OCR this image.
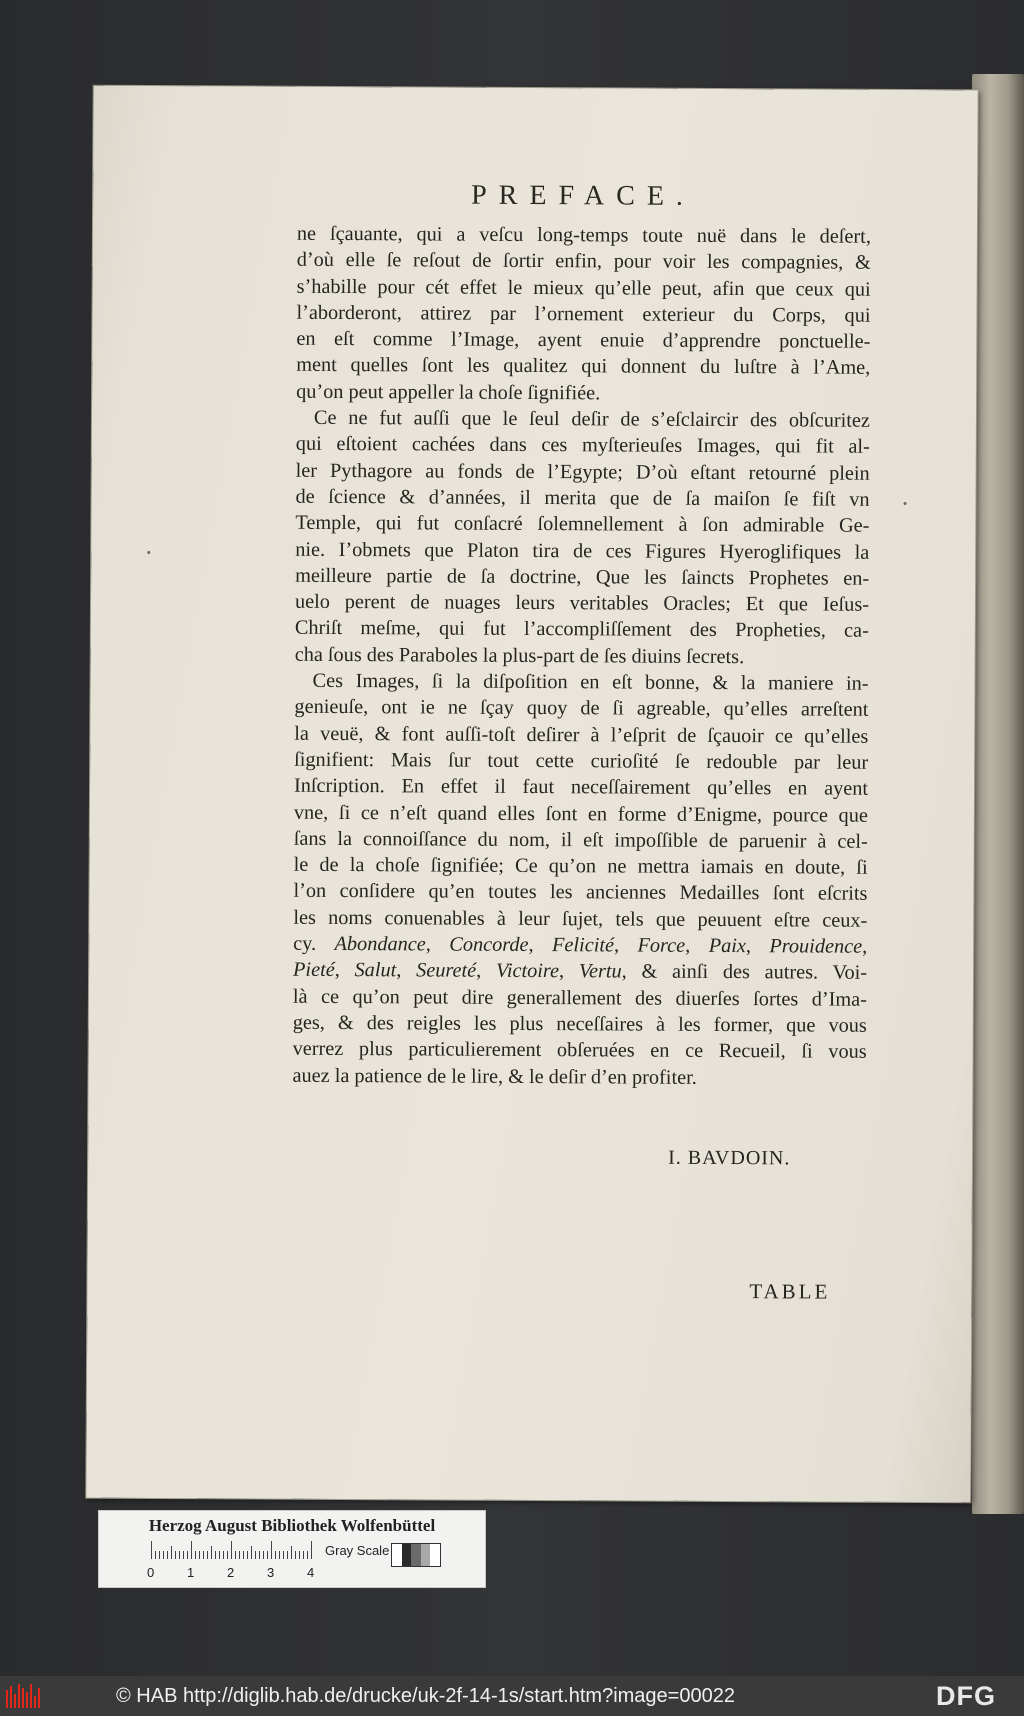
PREFACE.
ne ſçauante, qui a veſcu long-temps toute nuë dans le deſert,
d’où elle ſe reſout de ſortir enfin, pour voir les compagnies, &
s’habille pour cét effet le mieux qu’elle peut, afin que ceux qui
l’aborderont, attirez par l’ornement exterieur du Corps, qui
en eſt comme l’Image, ayent enuie d’apprendre ponctuelle-
ment quelles ſont les qualitez qui donnent du luſtre à l’Ame,
qu’on peut appeller la choſe ſignifiée.
Ce ne fut auſſi que le ſeul deſir de s’eſclaircir des obſcuritez
qui eſtoient cachées dans ces myſterieuſes Images, qui fit al-
ler Pythagore au fonds de l’Egypte; D’où eſtant retourné plein
de ſcience & d’années, il merita que de ſa maiſon ſe fiſt vn
Temple, qui fut conſacré ſolemnellement à ſon admirable Ge-
nie. I’obmets que Platon tira de ces Figures Hyeroglifiques la
meilleure partie de ſa doctrine, Que les ſaincts Prophetes en-
uelo perent de nuages leurs veritables Oracles; Et que Ieſus-
Chriſt meſme, qui fut l’accompliſſement des Propheties, ca-
cha ſous des Paraboles la plus-part de ſes diuins ſecrets.
Ces Images, ſi la diſpoſition en eſt bonne, & la maniere in-
genieuſe, ont ie ne ſçay quoy de ſi agreable, qu’elles arreſtent
la veuë, & font auſſi-toſt deſirer à l’eſprit de ſçauoir ce qu’elles
ſignifient: Mais ſur tout cette curioſité ſe redouble par leur
Inſcription. En effet il faut neceſſairement qu’elles en ayent
vne, ſi ce n’eſt quand elles ſont en forme d’Enigme, pource que
ſans la connoiſſance du nom, il eſt impoſſible de paruenir à cel-
le de la choſe ſignifiée; Ce qu’on ne mettra iamais en doute, ſi
l’on conſidere qu’en toutes les anciennes Medailles ſont eſcrits
les noms conuenables à leur ſujet, tels que peuuent eſtre ceux-
cy. Abondance, Concorde, Felicité, Force, Paix, Prouidence,
Pieté, Salut, Seureté, Victoire, Vertu, & ainſi des autres. Voi-
là ce qu’on peut dire generallement des diuerſes ſortes d’Ima-
ges, & des reigles les plus neceſſaires à les former, que vous
verrez plus particulierement obſeruées en ce Recueil, ſi vous
auez la patience de le lire, & le deſir d’en profiter.
I. BAVDOIN.
TABLE
Herzog August Bibliothek Wolfenbüttel
0	1	2	3	4
Gray Scale
© HAB http://diglib.hab.de/drucke/uk-2f-14-1s/start.htm?image=00022	DFG
